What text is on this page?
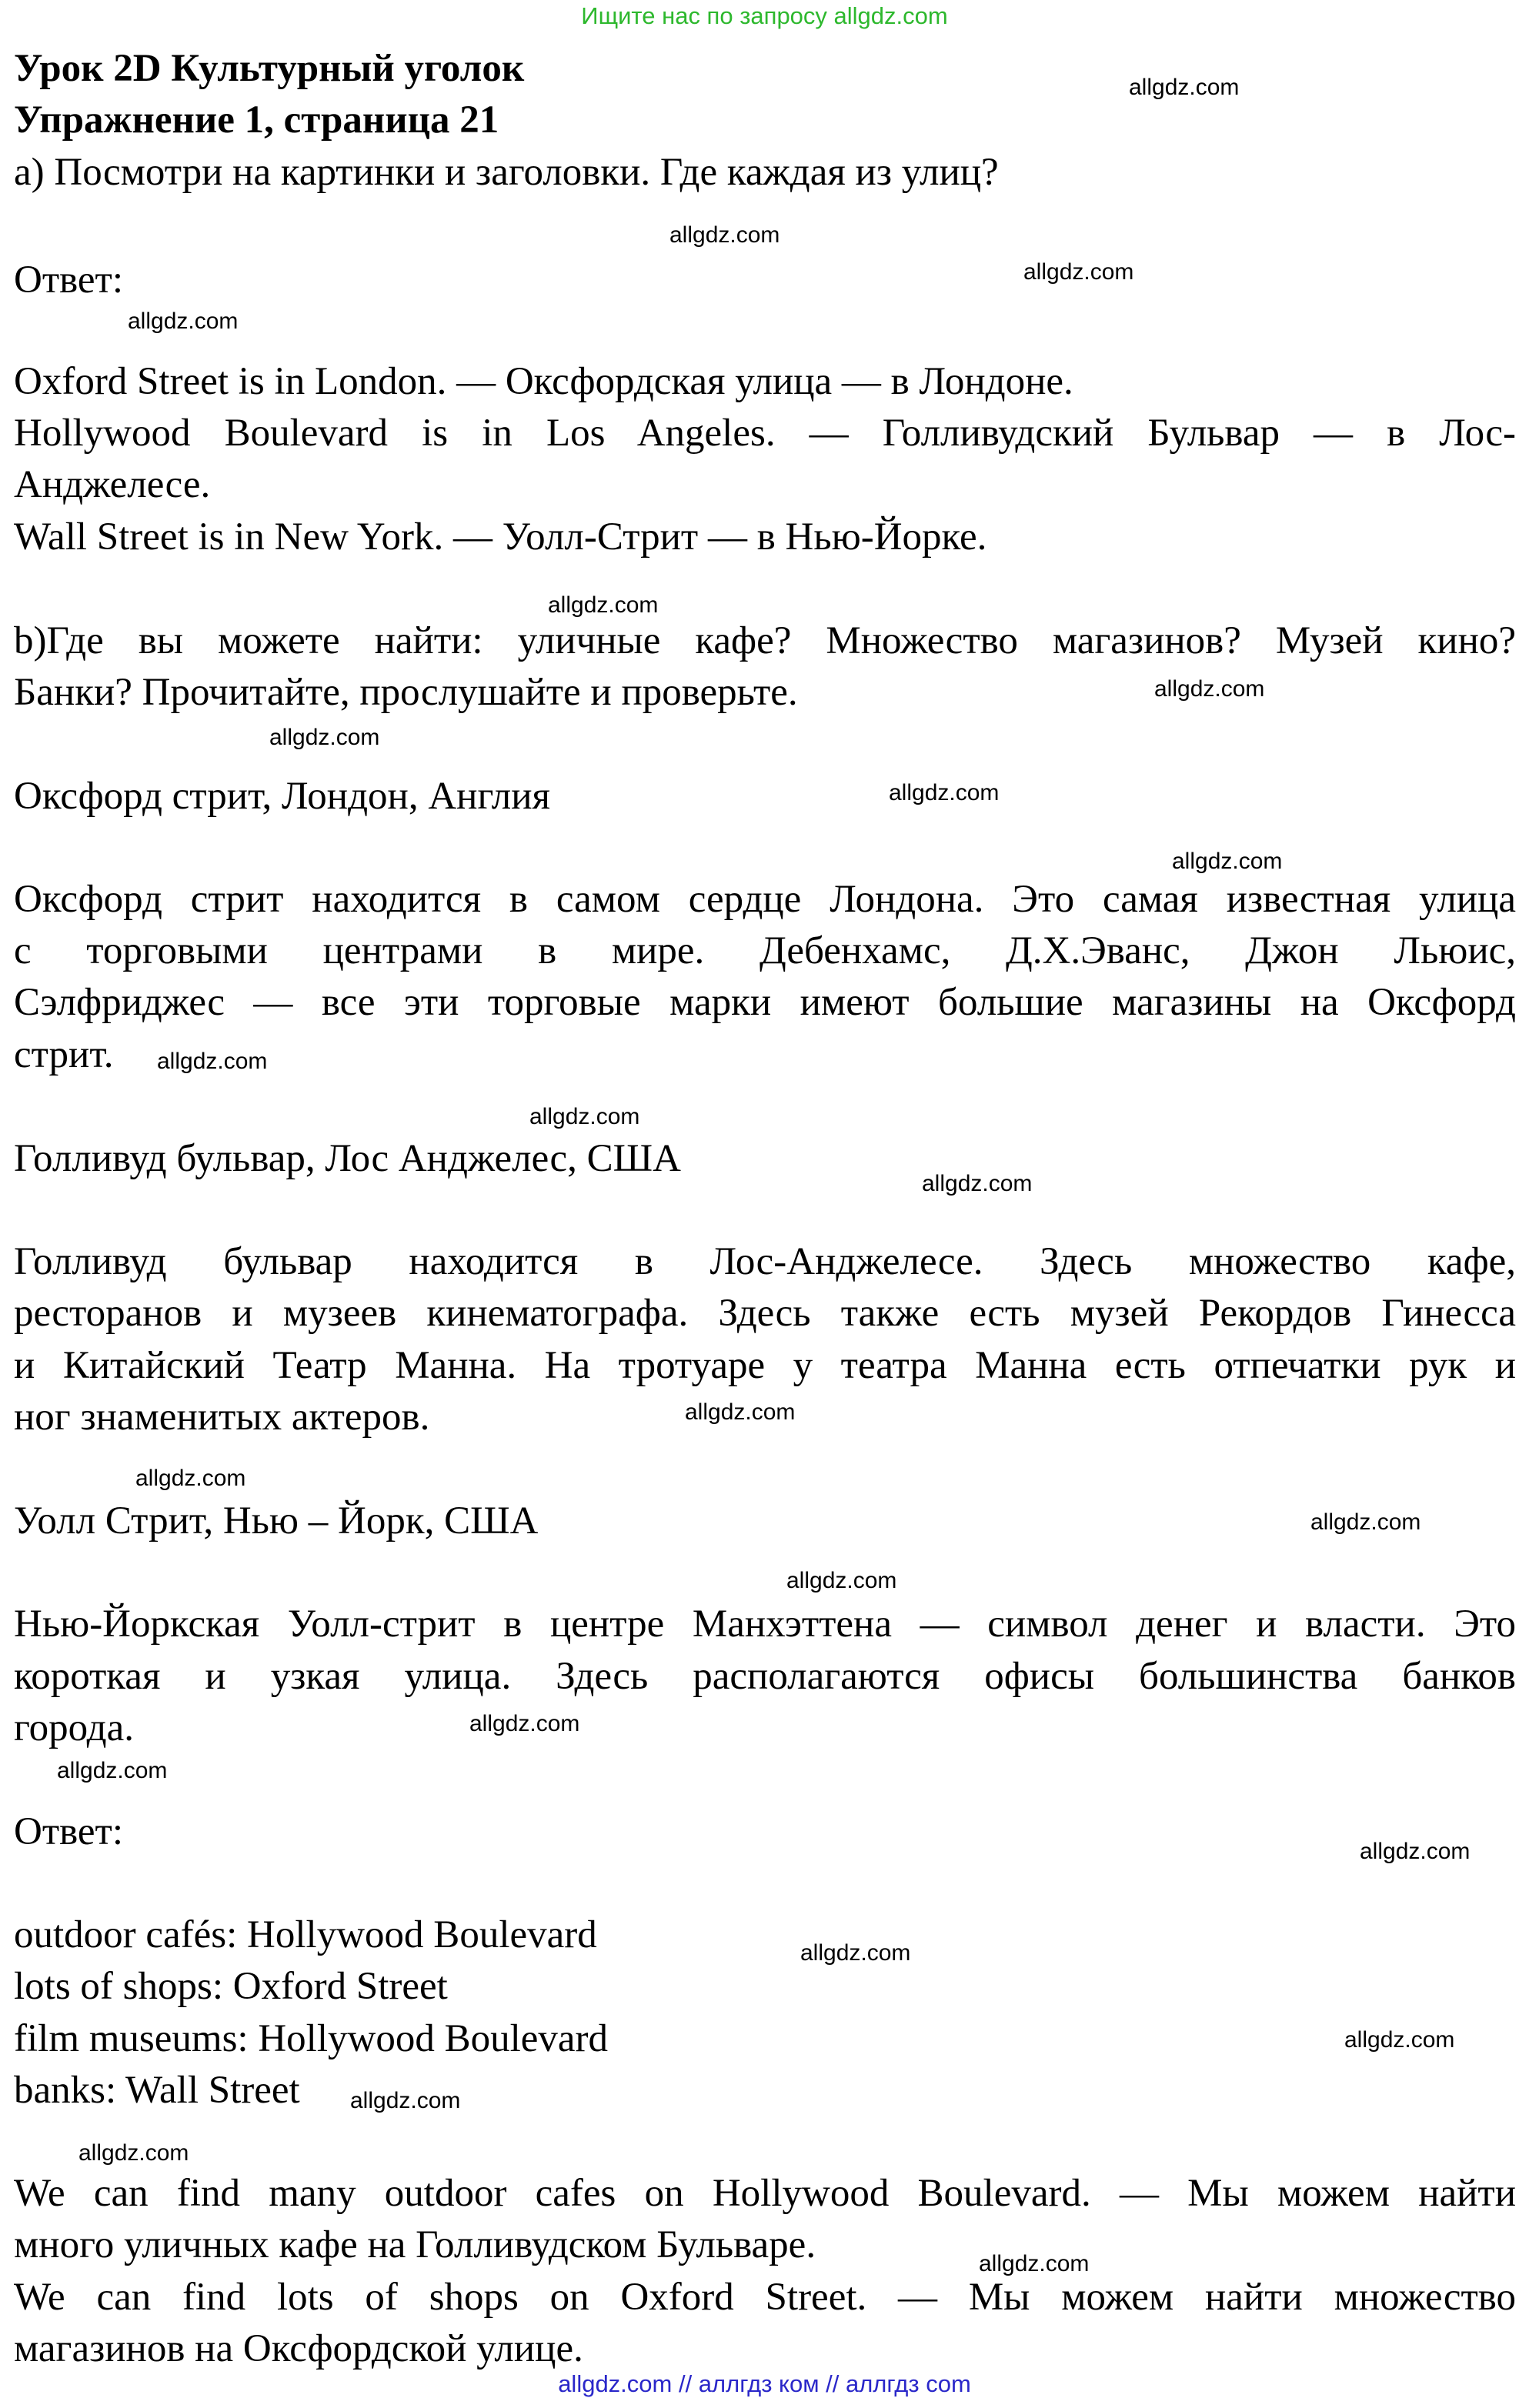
Ищите нас по запросу allgdz.com
Урок 2D Культурный уголок
Упражнение 1, страница 21
a) Посмотри на картинки и заголовки. Где каждая из улиц?
Ответ:
Oxford Street is in London. — Оксфордская улица — в Лондоне.
Hollywood Boulevard is in Los Angeles. — Голливудский Бульвар — в Лос-
Анджелесе.
Wall Street is in New York. — Уолл-Стрит — в Нью-Йорке.
b)Где вы можете найти: уличные кафе? Множество магазинов? Музей кино?
Банки? Прочитайте, прослушайте и проверьте.
Оксфорд стрит, Лондон, Англия
Оксфорд стрит находится в самом сердце Лондона. Это самая известная улица
с торговыми центрами в мире. Дебенхамс, Д.Х.Эванс, Джон Льюис,
Сэлфриджес — все эти торговые марки имеют большие магазины на Оксфорд
стрит.
Голливуд бульвар, Лос Анджелес, США
Голливуд бульвар находится в Лос-Анджелесе. Здесь множество кафе,
ресторанов и музеев кинематографа. Здесь также есть музей Рекордов Гинесса
и Китайский Театр Манна. На тротуаре у театра Манна есть отпечатки рук и
ног знаменитых актеров.
Уолл Стрит, Нью – Йорк, США
Нью-Йоркская Уолл-стрит в центре Манхэттена — символ денег и власти. Это
короткая и узкая улица. Здесь располагаются офисы большинства банков
города.
Ответ:
outdoor cafés: Hollywood Boulevard
lots of shops: Oxford Street
film museums: Hollywood Boulevard
banks: Wall Street
We can find many outdoor cafes on Hollywood Boulevard. — Мы можем найти
много уличных кафе на Голливудском Бульваре.
We can find lots of shops on Oxford Street. — Мы можем найти множество
магазинов на Оксфордской улице.
allgdz.com
allgdz.com
allgdz.com
allgdz.com
allgdz.com
allgdz.com
allgdz.com
allgdz.com
allgdz.com
allgdz.com
allgdz.com
allgdz.com
allgdz.com
allgdz.com
allgdz.com
allgdz.com
allgdz.com
allgdz.com
allgdz.com
allgdz.com
allgdz.com
allgdz.com
allgdz.com
allgdz.com
allgdz.com // аллгдз ком // аллгдз com
